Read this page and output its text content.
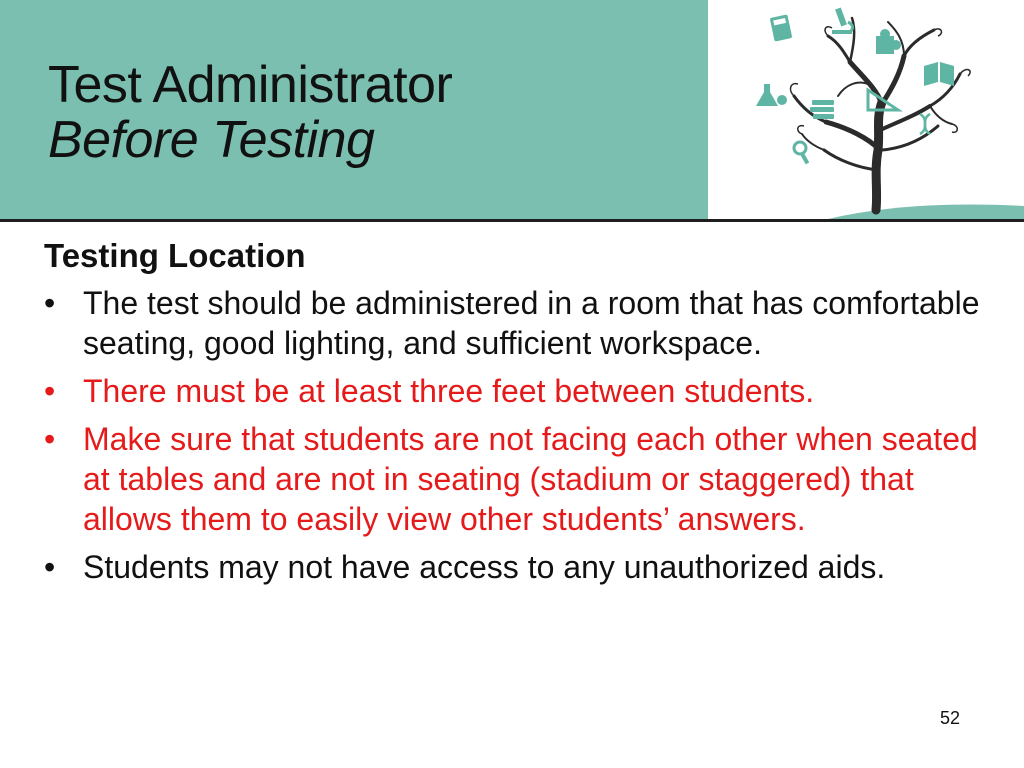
Test Administrator
Before Testing
Testing Location
• The test should be administered in a room that has comfortable seating, good lighting, and sufficient workspace.
• There must be at least three feet between students.
• Make sure that students are not facing each other when seated at tables and are not in seating (stadium or staggered) that allows them to easily view other students’ answers.
• Students may not have access to any unauthorized aids.
52
